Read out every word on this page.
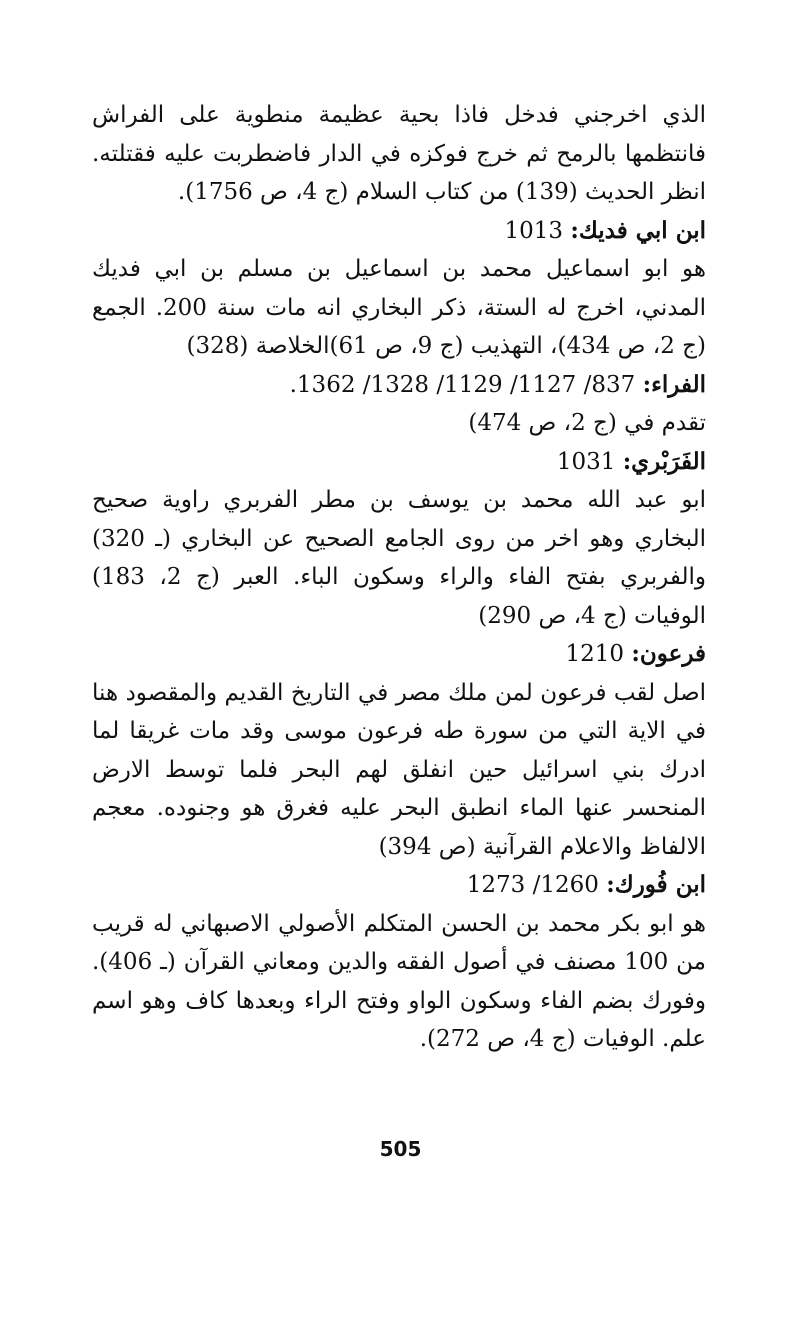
الذي اخرجني فدخل فاذا بحية عظيمة منطوية على الفراش فانتظمها بالرمح ثم خرج فوكزه في الدار فاضطربت عليه فقتلته. انظر الحديث (139) من كتاب السلام (ج 4، ص 1756).

ابن ابي فديك: 1013

هو ابو اسماعيل محمد بن اسماعيل بن مسلم بن ابي فديك المدني، اخرج له الستة، ذكر البخاري انه مات سنة 200. الجمع (ج 2، ص 434)، التهذيب (ج 9، ص 61)الخلاصة (328)

الفراء: 837/ 1127/ 1129/ 1328/ 1362.

تقدم في (ج 2، ص 474)

الفَرَبْري: 1031

ابو عبد الله محمد بن يوسف بن مطر الفربري راوية صحيح البخاري وهو اخر من روى الجامع الصحيح عن البخاري (ـ 320) والفربري بفتح الفاء والراء وسكون الباء. العبر (ج 2، 183) الوفيات (ج 4، ص 290)

فرعون: 1210

اصل لقب فرعون لمن ملك مصر في التاريخ القديم والمقصود هنا في الاية التي من سورة طه فرعون موسى وقد مات غريقا لما ادرك بني اسرائيل حين انفلق لهم البحر فلما توسط الارض المنحسر عنها الماء انطبق البحر عليه فغرق هو وجنوده. معجم الالفاظ والاعلام القرآنية (ص 394)

ابن فُورك: 1260/ 1273

هو ابو بكر محمد بن الحسن المتكلم الأصولي الاصبهاني له قريب من 100 مصنف في أصول الفقه والدين ومعاني القرآن (ـ 406). وفورك بضم الفاء وسكون الواو وفتح الراء وبعدها كاف وهو اسم علم. الوفيات (ج 4، ص 272).

505
